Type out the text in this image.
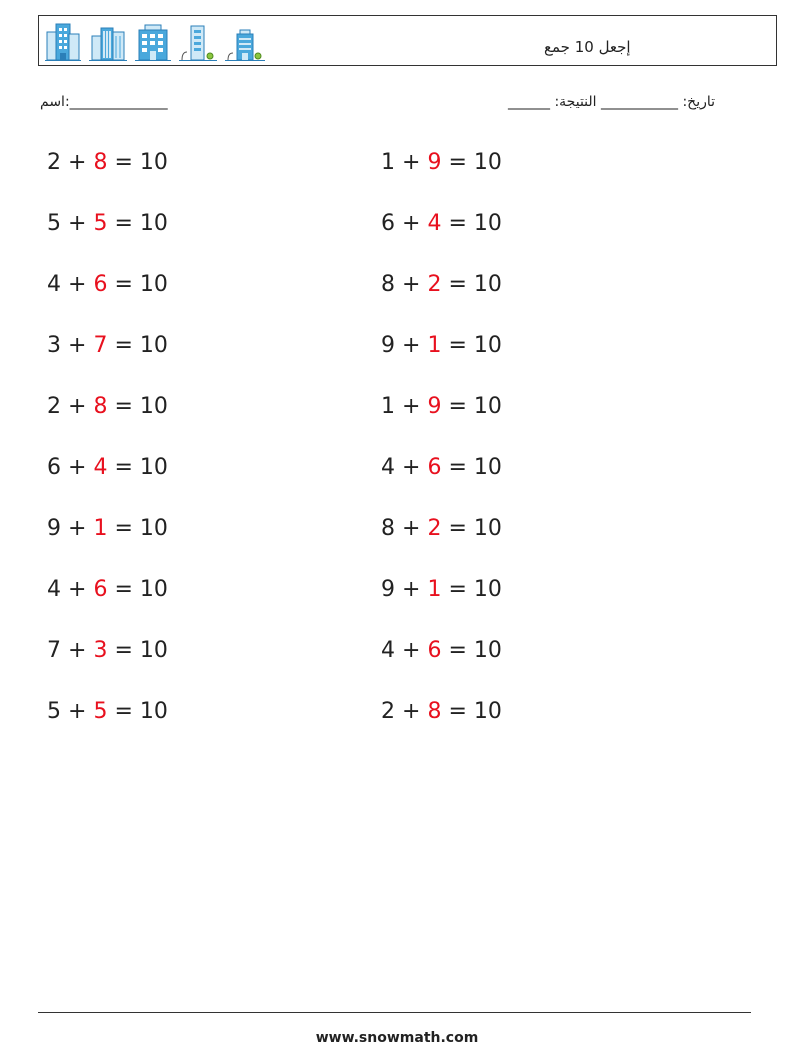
إجعل 10 جمع
اسم:______________	______ :تاريخ: ___________ النتيجة
2 + 8 = 10
5 + 5 = 10
4 + 6 = 10
3 + 7 = 10
2 + 8 = 10
6 + 4 = 10
9 + 1 = 10
4 + 6 = 10
7 + 3 = 10
5 + 5 = 10
1 + 9 = 10
6 + 4 = 10
8 + 2 = 10
9 + 1 = 10
1 + 9 = 10
4 + 6 = 10
8 + 2 = 10
9 + 1 = 10
4 + 6 = 10
2 + 8 = 10
www.snowmath.com
